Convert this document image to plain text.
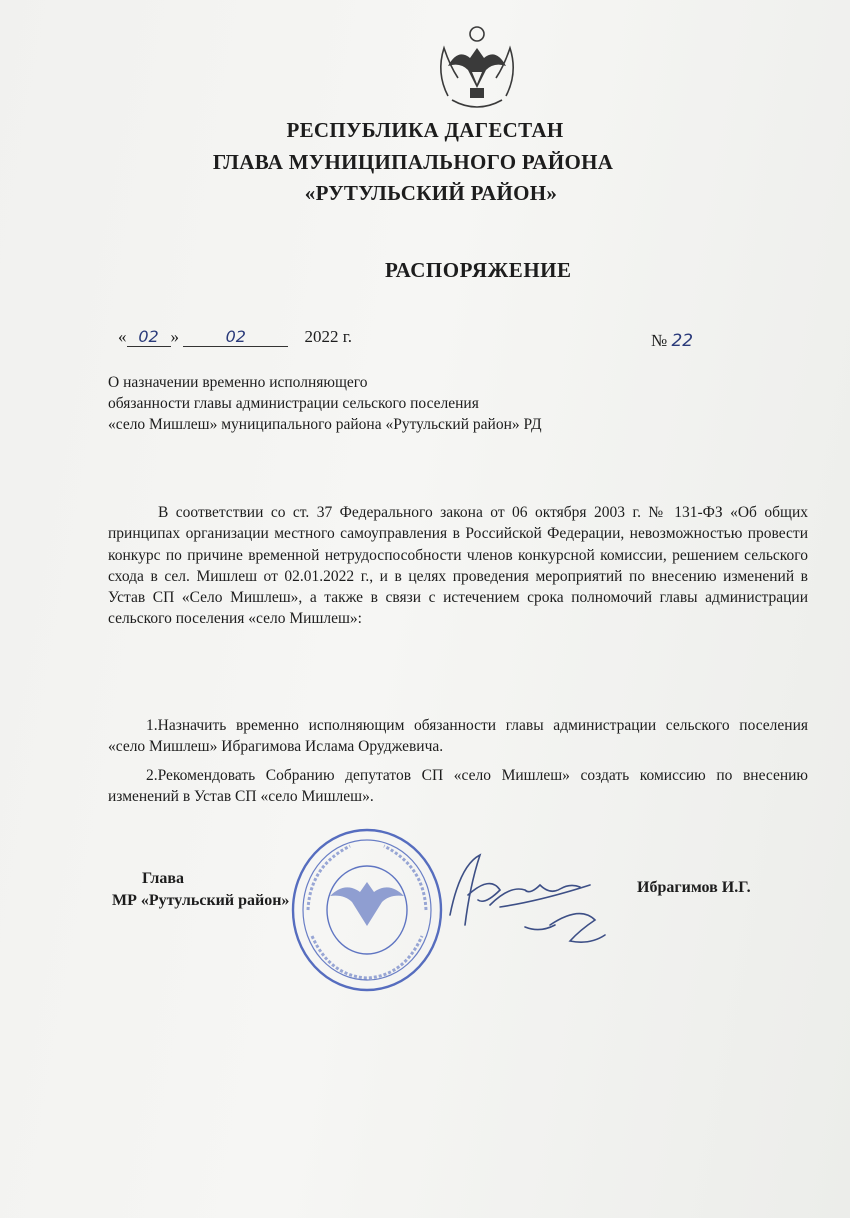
РЕСПУБЛИКА ДАГЕСТАН
ГЛАВА МУНИЦИПАЛЬНОГО РАЙОНА
«РУТУЛЬСКИЙ РАЙОН»
РАСПОРЯЖЕНИЕ
« 02 »	02	2022 г.	№ 22
О назначении временно исполняющего
обязанности главы администрации сельского поселения
«село Мишлеш» муниципального района «Рутульский район» РД
В соответствии со ст. 37 Федерального закона от 06 октября 2003 г. № 131-ФЗ «Об общих принципах организации местного самоуправления в Российской Федерации, невозможностью провести конкурс по причине временной нетрудоспособности членов конкурсной комиссии, решением сельского схода в сел. Мишлеш от 02.01.2022 г., и в целях проведения мероприятий по внесению изменений в Устав СП «Село Мишлеш», а также в связи с истечением срока полномочий главы администрации сельского поселения «село Мишлеш»:
1.Назначить временно исполняющим обязанности главы администрации сельского поселения «село Мишлеш» Ибрагимова Ислама Оруджевича.
2.Рекомендовать Собранию депутатов СП «село Мишлеш» создать комиссию по внесению изменений в Устав СП «село Мишлеш».
Глава
МР «Рутульский район»
Ибрагимов И.Г.
